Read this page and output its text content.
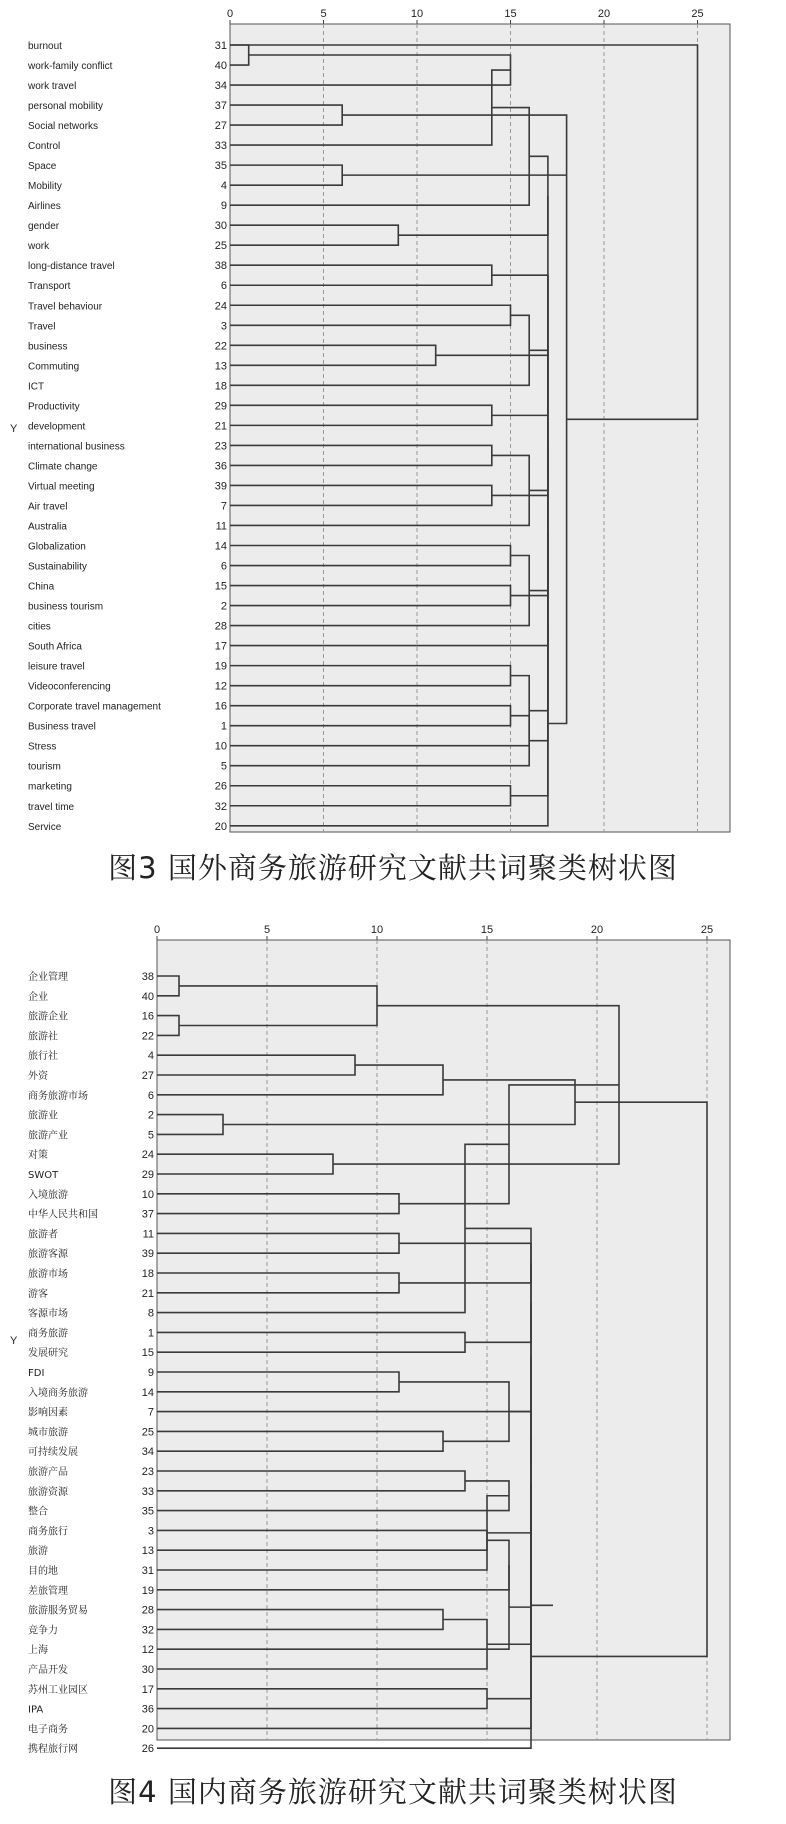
0	5	10	15	20	25
Y
burnout	31
work-family conflict	40
work travel	34
personal mobility	37
Social networks	27
Control	33
Space	35
Mobility	4
Airlines	9
gender	30
work	25
long-distance travel	38
Transport	6
Travel behaviour	24
Travel	3
business	22
Commuting	13
ICT	18
Productivity	29
development	21
international business	23
Climate change	36
Virtual meeting	39
Air travel	7
Australia	11
Globalization	14
Sustainability	6
China	15
business tourism	2
cities	28
South Africa	17
leisure travel	19
Videoconferencing	12
Corporate travel management	16
Business travel	1
Stress	10
tourism	5
marketing	26
travel time	32
Service	20
图3 国外商务旅游研究文献共词聚类树状图
0	5	10	15	20	25
Y
企业管理	38
企业	40
旅游企业	16
旅游社	22
旅行社	4
外资	27
商务旅游市场	6
旅游业	2
旅游产业	5
对策	24
SWOT	29
入境旅游	10
中华人民共和国	37
旅游者	11
旅游客源	39
旅游市场	18
游客	21
客源市场	8
商务旅游	1
发展研究	15
FDI	9
入境商务旅游	14
影响因素	7
城市旅游	25
可持续发展	34
旅游产品	23
旅游资源	33
整合	35
商务旅行	3
旅游	13
目的地	31
差旅管理	19
旅游服务贸易	28
竞争力	32
上海	12
产品开发	30
苏州工业园区	17
IPA	36
电子商务	20
携程旅行网	26
图4 国内商务旅游研究文献共词聚类树状图
